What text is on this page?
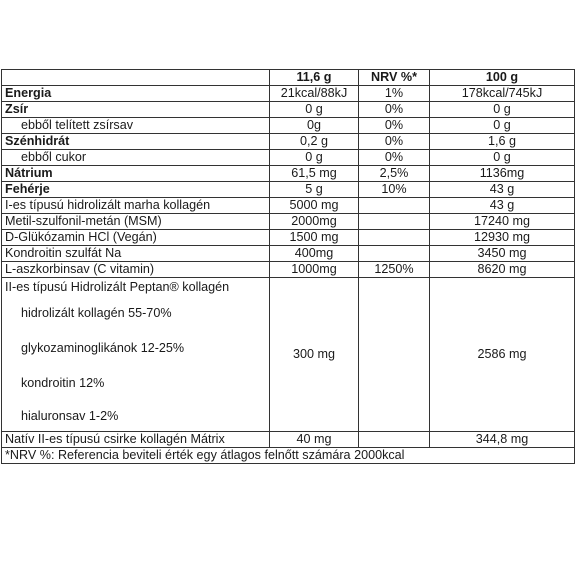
	11,6 g	NRV %*	100 g
Energia	21kcal/88kJ	1%	178kcal/745kJ
Zsír	0 g	0%	0 g
ebből telített zsírsav	0g	0%	0 g
Szénhidrát	0,2 g	0%	1,6 g
ebből cukor	0 g	0%	0 g
Nátrium	61,5 mg	2,5%	1136mg
Fehérje	5 g	10%	43 g
I-es típusú hidrolizált marha kollagén	5000 mg		43 g
Metil-szulfonil-metán (MSM)	2000mg		17240 mg
D-Glükózamin HCl (Vegán)	1500 mg		12930 mg
Kondroitin szulfát Na	400mg		3450 mg
L-aszkorbinsav (C vitamin)	1000mg	1250%	8620 mg

II-es típusú Hidrolizált Peptan® kollagén
hidrolizált kollagén 55-70%
glykozaminoglikánok 12-25%
kondroitin 12%
hialuronsav 1-2%	300 mg		2586 mg
Natív II-es típusú csirke kollagén Mátrix	40 mg		344,8 mg
*NRV %: Referencia beviteli érték egy átlagos felnőtt számára 2000kcal			
